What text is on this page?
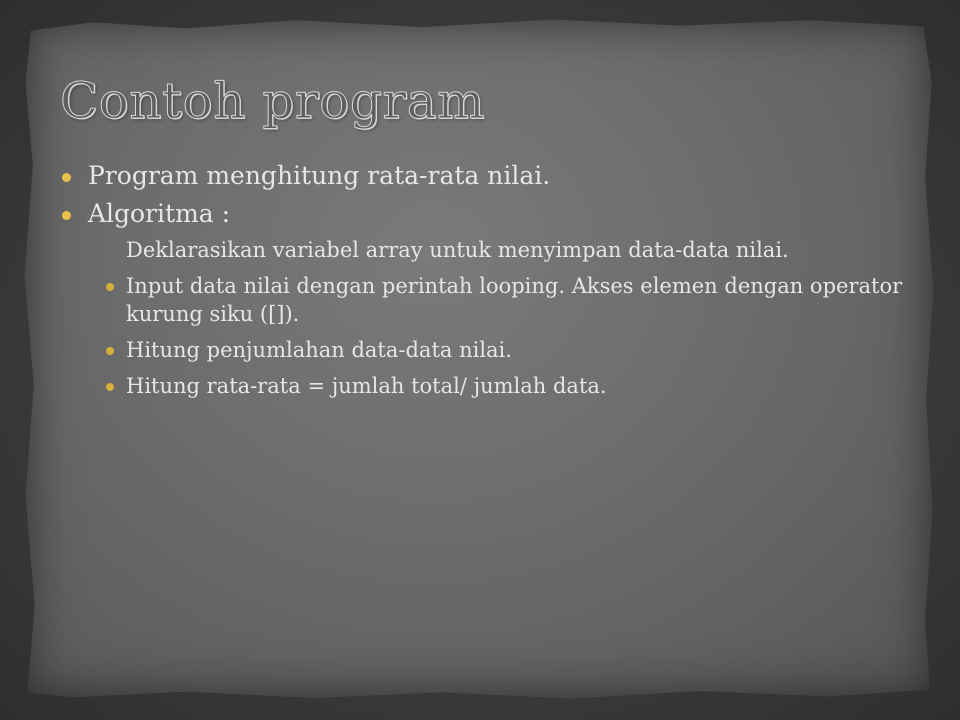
Contoh program
Program menghitung rata-rata nilai.
Algoritma :
Deklarasikan variabel array untuk menyimpan data-data nilai.
Input data nilai dengan perintah looping. Akses elemen dengan operator kurung siku ([]).
Hitung penjumlahan data-data nilai.
Hitung rata-rata = jumlah total/ jumlah data.
